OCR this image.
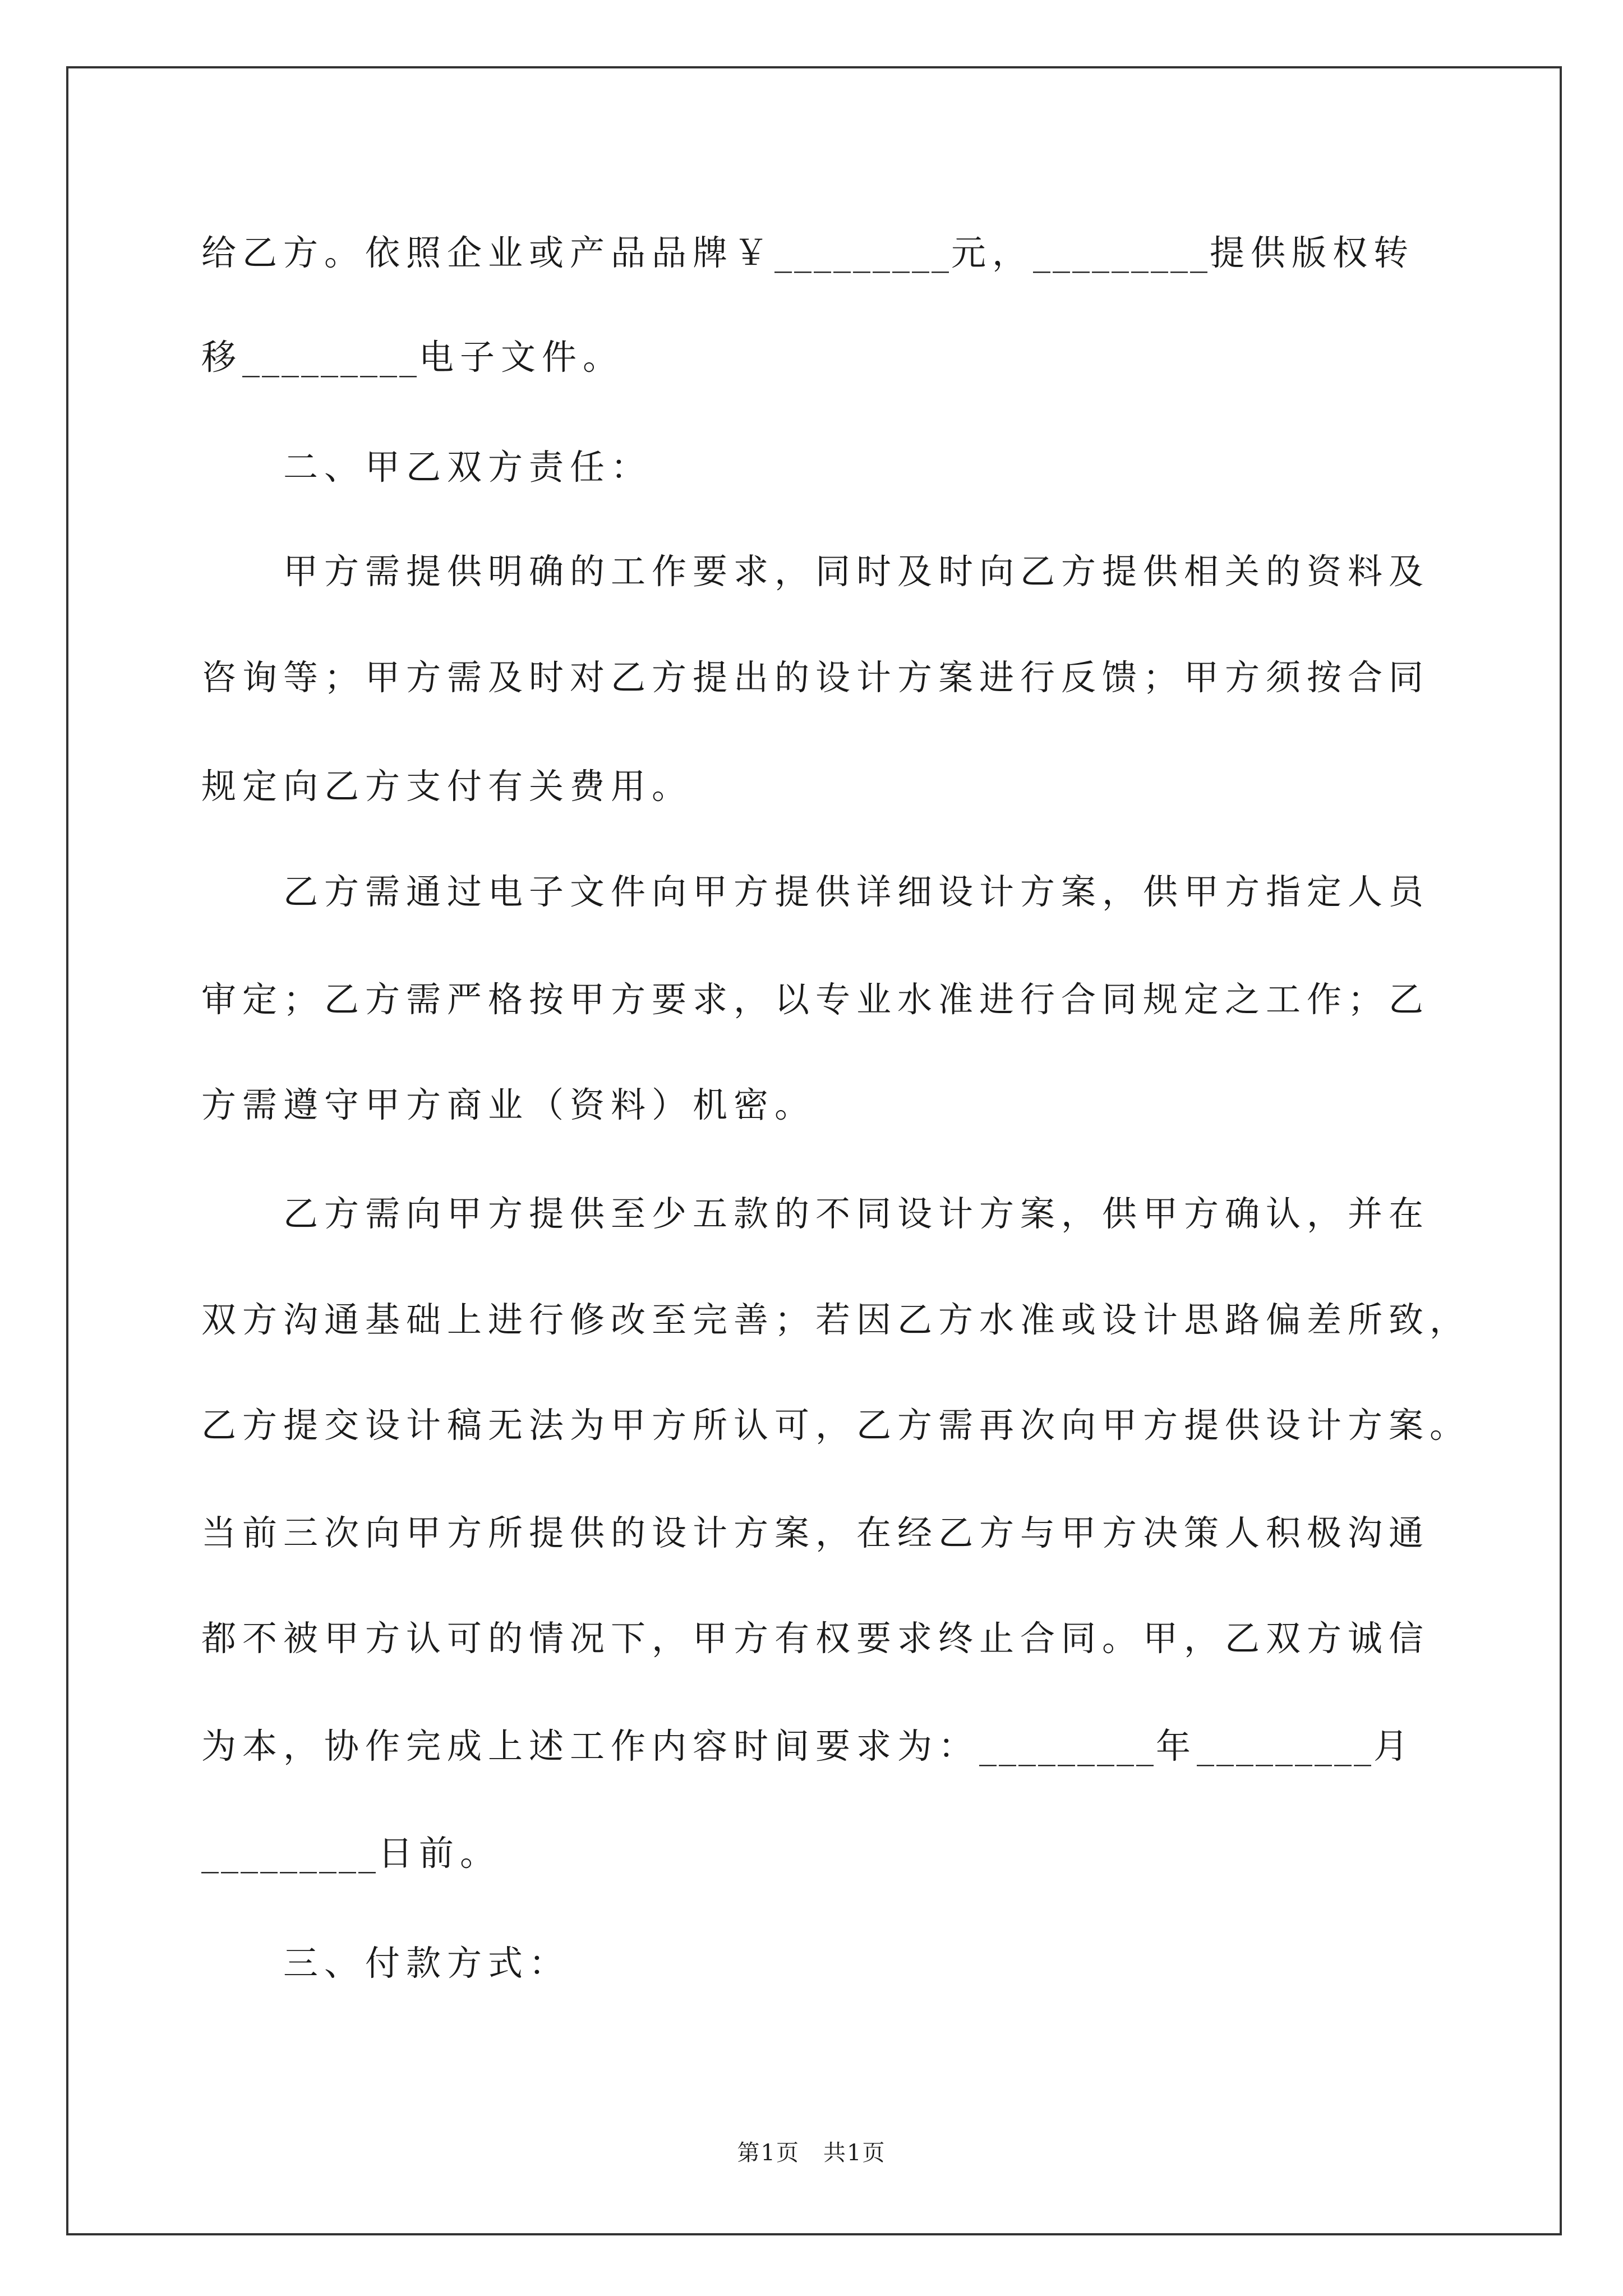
给乙方。依照企业或产品品牌￥_________元，_________提供版权转
移_________电子文件。
二、甲乙双方责任：
甲方需提供明确的工作要求，同时及时向乙方提供相关的资料及
咨询等；甲方需及时对乙方提出的设计方案进行反馈；甲方须按合同
规定向乙方支付有关费用。
乙方需通过电子文件向甲方提供详细设计方案，供甲方指定人员
审定；乙方需严格按甲方要求，以专业水准进行合同规定之工作；乙
方需遵守甲方商业（资料）机密。
乙方需向甲方提供至少五款的不同设计方案，供甲方确认，并在
双方沟通基础上进行修改至完善；若因乙方水准或设计思路偏差所致，
乙方提交设计稿无法为甲方所认可，乙方需再次向甲方提供设计方案。
当前三次向甲方所提供的设计方案，在经乙方与甲方决策人积极沟通
都不被甲方认可的情况下，甲方有权要求终止合同。甲，乙双方诚信
为本，协作完成上述工作内容时间要求为：_________年_________月
_________日前。
三、付款方式：
第1页　共1页
